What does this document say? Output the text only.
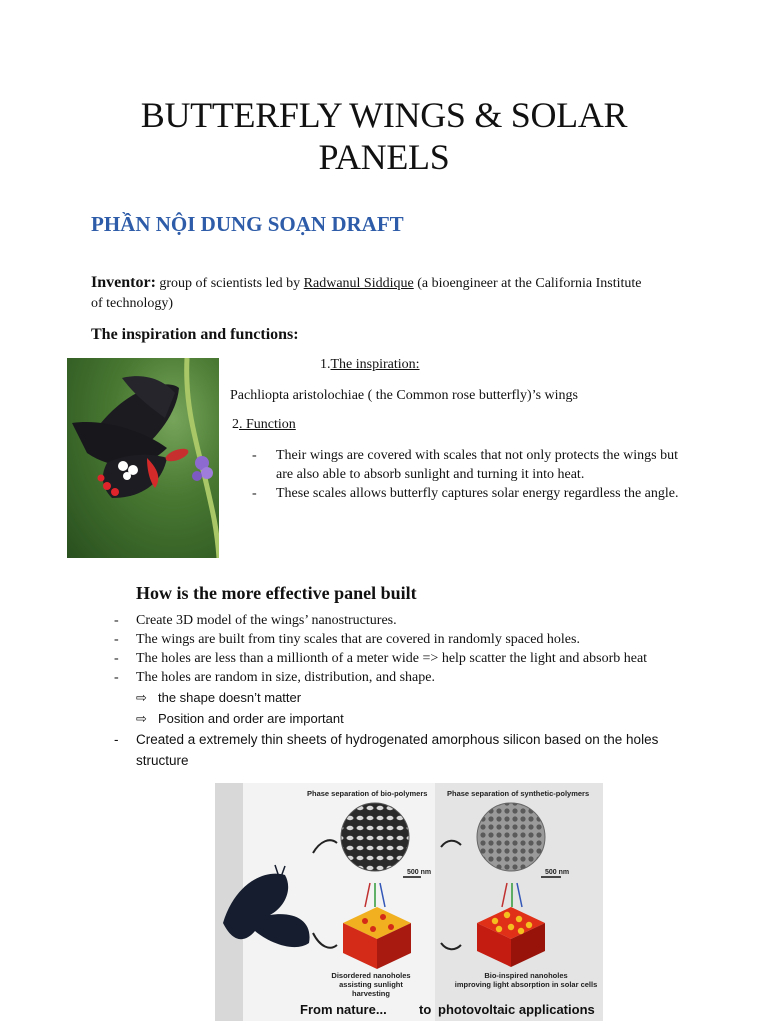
BUTTERFLY WINGS & SOLAR
PANELS
PHẦN NỘI DUNG SOẠN DRAFT
Inventor: group of scientists led by Radwanul Siddique (a bioengineer at the California Institute of technology)
The inspiration and functions:
1.The inspiration:
Pachliopta aristolochiae ( the Common rose butterfly)’s wings
2. Function
- Their wings are covered with scales that not only protects the wings but are also able to absorb sunlight and turning it into heat.
- These scales allows butterfly captures solar energy regardless the angle.
How is the more effective panel built
- Create 3D model of the wings’ nanostructures.
- The wings are built from tiny scales that are covered in randomly spaced holes.
- The holes are less than a millionth of a meter wide => help scatter the light and absorb heat
- The holes are random in size, distribution, and shape.
⇨ the shape doesn’t matter
⇨ Position and order are important
- Created a extremely thin sheets of hydrogenated amorphous silicon based on the holes structure
Phase separation of bio-polymers	Phase separation of synthetic-polymers
500 nm	500 nm
Disordered nanoholes
assisting sunlight harvesting
Bio-inspired nanoholes
improving light absorption in solar cells
From nature... to photovoltaic applications
